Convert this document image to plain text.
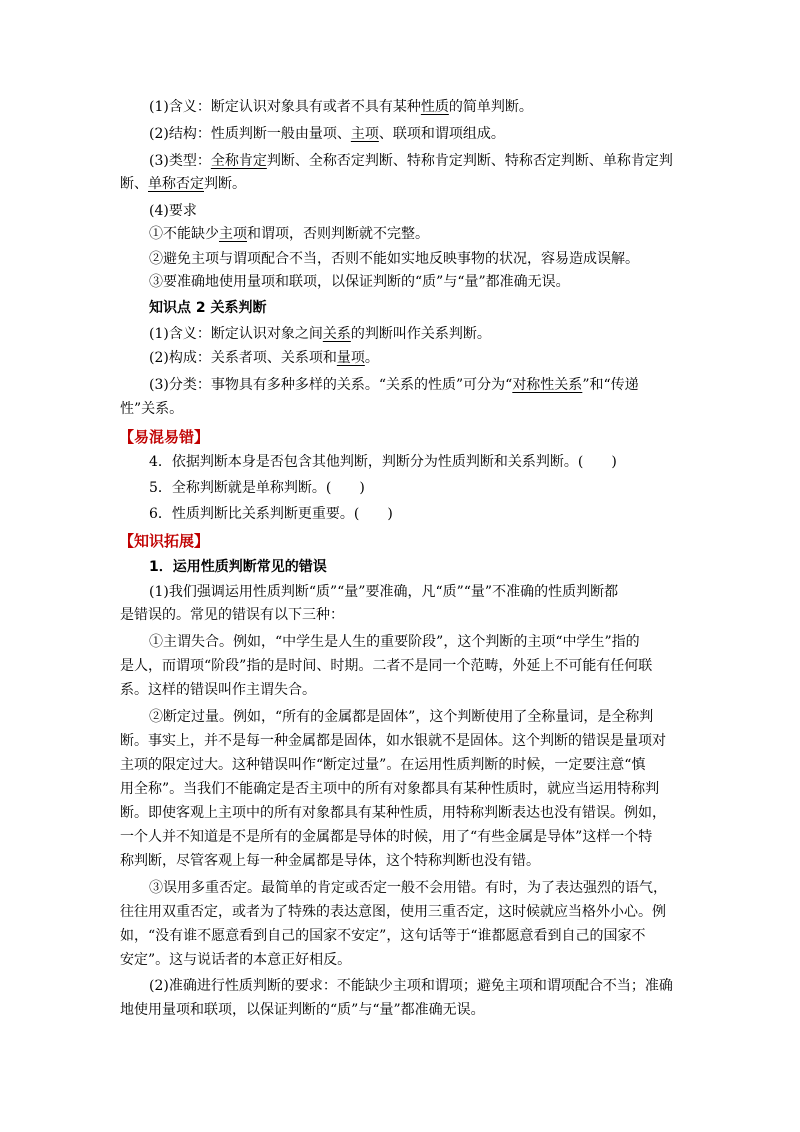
(1)含义：断定认识对象具有或者不具有某种性质的简单判断。
(2)结构：性质判断一般由量项、主项、联项和谓项组成。
(3)类型：全称肯定判断、全称否定判断、特称肯定判断、特称否定判断、单称肯定判
断、单称否定判断。
(4)要求
①不能缺少主项和谓项，否则判断就不完整。
②避免主项与谓项配合不当，否则不能如实地反映事物的状况，容易造成误解。
③要准确地使用量项和联项，以保证判断的“质”与“量”都准确无误。
知识点 2 关系判断
(1)含义：断定认识对象之间关系的判断叫作关系判断。
(2)构成：关系者项、关系项和量项。
(3)分类：事物具有多种多样的关系。“关系的性质”可分为“对称性关系”和“传递
性”关系。
【易混易错】
4．依据判断本身是否包含其他判断，判断分为性质判断和关系判断。(　　)
5．全称判断就是单称判断。(　　)
6．性质判断比关系判断更重要。(　　)
【知识拓展】
1．运用性质判断常见的错误
(1)我们强调运用性质判断“质”“量”要准确，凡“质”“量”不准确的性质判断都
是错误的。常见的错误有以下三种：
①主谓失合。例如，“中学生是人生的重要阶段”，这个判断的主项“中学生”指的
是人，而谓项“阶段”指的是时间、时期。二者不是同一个范畴，外延上不可能有任何联
系。这样的错误叫作主谓失合。
②断定过量。例如，“所有的金属都是固体”，这个判断使用了全称量词，是全称判
断。事实上，并不是每一种金属都是固体，如水银就不是固体。这个判断的错误是量项对
主项的限定过大。这种错误叫作“断定过量”。在运用性质判断的时候，一定要注意“慎
用全称”。当我们不能确定是否主项中的所有对象都具有某种性质时，就应当运用特称判
断。即使客观上主项中的所有对象都具有某种性质，用特称判断表达也没有错误。例如，
一个人并不知道是不是所有的金属都是导体的时候，用了“有些金属是导体”这样一个特
称判断，尽管客观上每一种金属都是导体，这个特称判断也没有错。
③误用多重否定。最简单的肯定或否定一般不会用错。有时，为了表达强烈的语气，
往往用双重否定，或者为了特殊的表达意图，使用三重否定，这时候就应当格外小心。例
如，“没有谁不愿意看到自己的国家不安定”，这句话等于“谁都愿意看到自己的国家不
安定”。这与说话者的本意正好相反。
(2)准确进行性质判断的要求：不能缺少主项和谓项；避免主项和谓项配合不当；准确
地使用量项和联项，以保证判断的“质”与“量”都准确无误。
